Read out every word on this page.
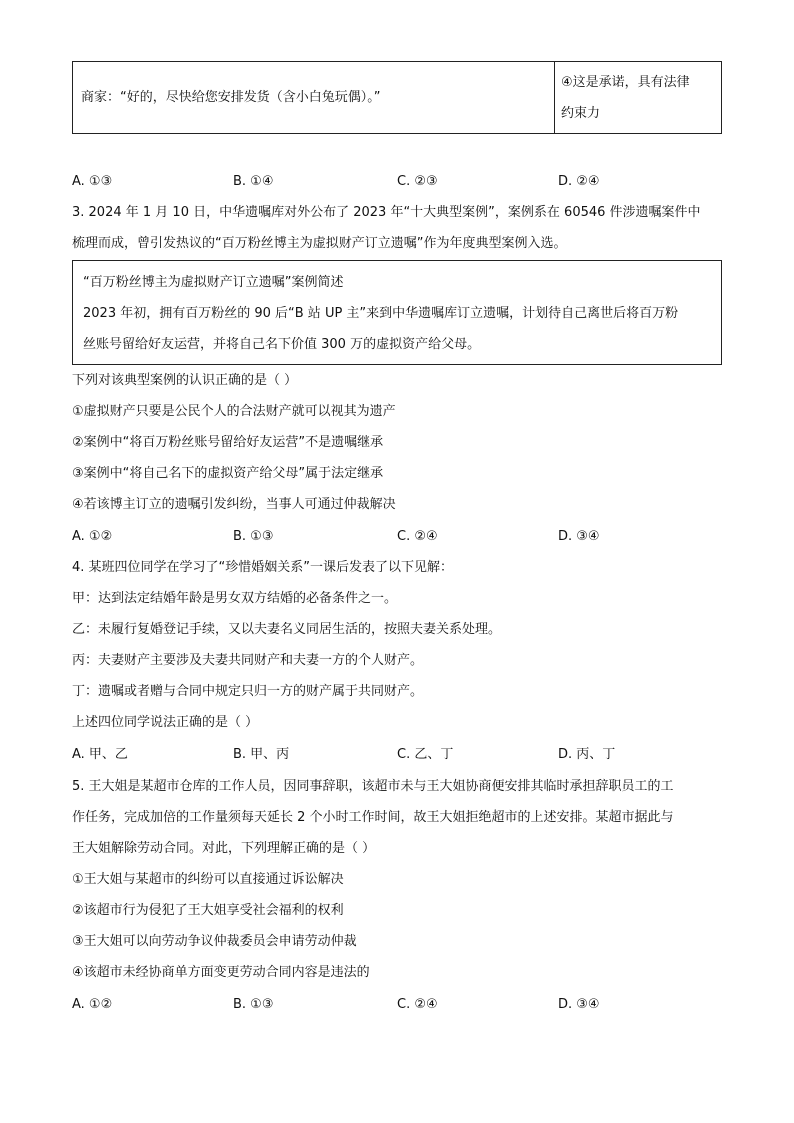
商家：“好的，尽快给您安排发货（含小白兔玩偶）。”
④这是承诺，具有法律
约束力
A. ①③	B. ①④	C. ②③	D. ②④
3. 2024 年 1 月 10 日，中华遗嘱库对外公布了 2023 年“十大典型案例”，案例系在 60546 件涉遗嘱案件中
梳理而成，曾引发热议的“百万粉丝博主为虚拟财产订立遗嘱”作为年度典型案例入选。
“百万粉丝博主为虚拟财产订立遗嘱”案例简述
2023 年初，拥有百万粉丝的 90 后“B 站 UP 主”来到中华遗嘱库订立遗嘱，计划待自己离世后将百万粉
丝账号留给好友运营，并将自己名下价值 300 万的虚拟资产给父母。
下列对该典型案例的认识正确的是（ ）
①虚拟财产只要是公民个人的合法财产就可以视其为遗产
②案例中“将百万粉丝账号留给好友运营”不是遗嘱继承
③案例中“将自己名下的虚拟资产给父母”属于法定继承
④若该博主订立的遗嘱引发纠纷，当事人可通过仲裁解决
A. ①②	B. ①③	C. ②④	D. ③④
4. 某班四位同学在学习了“珍惜婚姻关系”一课后发表了以下见解：
甲：达到法定结婚年龄是男女双方结婚的必备条件之一。
乙：未履行复婚登记手续，又以夫妻名义同居生活的，按照夫妻关系处理。
丙：夫妻财产主要涉及夫妻共同财产和夫妻一方的个人财产。
丁：遗嘱或者赠与合同中规定只归一方的财产属于共同财产。
上述四位同学说法正确的是（ ）
A. 甲、乙	B. 甲、丙	C. 乙、丁	D. 丙、丁
5. 王大姐是某超市仓库的工作人员，因同事辞职，该超市未与王大姐协商便安排其临时承担辞职员工的工
作任务，完成加倍的工作量须每天延长 2 个小时工作时间，故王大姐拒绝超市的上述安排。某超市据此与
王大姐解除劳动合同。对此，下列理解正确的是（ ）
①王大姐与某超市的纠纷可以直接通过诉讼解决
②该超市行为侵犯了王大姐享受社会福利的权利
③王大姐可以向劳动争议仲裁委员会申请劳动仲裁
④该超市未经协商单方面变更劳动合同内容是违法的
A. ①②	B. ①③	C. ②④	D. ③④
